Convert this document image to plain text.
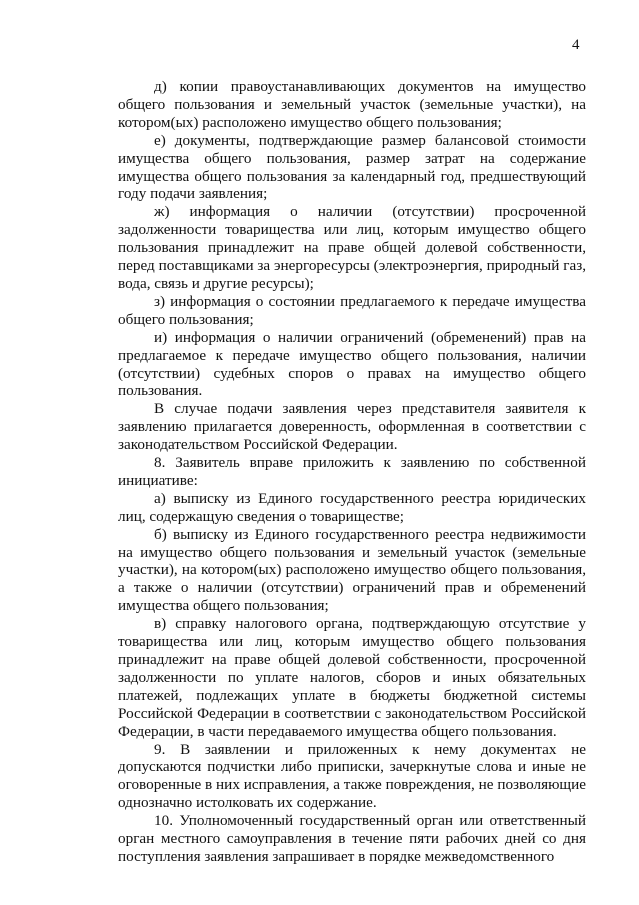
4

д) копии правоустанавливающих документов на имущество общего пользования и земельный участок (земельные участки), на котором(ых) расположено имущество общего пользования;

е) документы, подтверждающие размер балансовой стоимости имущества общего пользования, размер затрат на содержание имущества общего пользования за календарный год, предшествующий году подачи заявления;

ж) информация о наличии (отсутствии) просроченной задолженности товарищества или лиц, которым имущество общего пользования принадлежит на праве общей долевой собственности, перед поставщиками за энергоресурсы (электроэнергия, природный газ, вода, связь и другие ресурсы);

з) информация о состоянии предлагаемого к передаче имущества общего пользования;

и) информация о наличии ограничений (обременений) прав на предлагаемое к передаче имущество общего пользования, наличии (отсутствии) судебных споров о правах на имущество общего пользования.

В случае подачи заявления через представителя заявителя к заявлению прилагается доверенность, оформленная в соответствии с законодательством Российской Федерации.

8. Заявитель вправе приложить к заявлению по собственной инициативе:

а) выписку из Единого государственного реестра юридических лиц, содержащую сведения о товариществе;

б) выписку из Единого государственного реестра недвижимости на имущество общего пользования и земельный участок (земельные участки), на котором(ых) расположено имущество общего пользования, а также о наличии (отсутствии) ограничений прав и обременений имущества общего пользования;

в) справку налогового органа, подтверждающую отсутствие у товарищества или лиц, которым имущество общего пользования принадлежит на праве общей долевой собственности, просроченной задолженности по уплате налогов, сборов и иных обязательных платежей, подлежащих уплате в бюджеты бюджетной системы Российской Федерации в соответствии с законодательством Российской Федерации, в части передаваемого имущества общего пользования.

9. В заявлении и приложенных к нему документах не допускаются подчистки либо приписки, зачеркнутые слова и иные не оговоренные в них исправления, а также повреждения, не позволяющие однозначно истолковать их содержание.

10. Уполномоченный государственный орган или ответственный орган местного самоуправления в течение пяти рабочих дней со дня поступления заявления запрашивает в порядке межведомственного
